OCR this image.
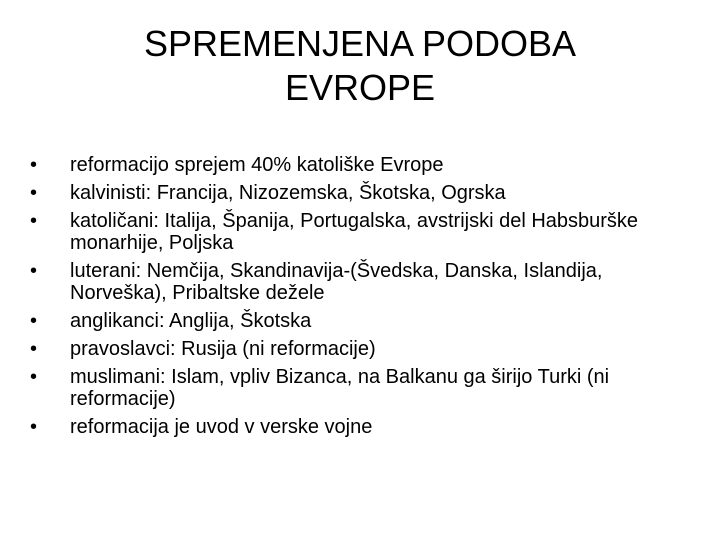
SPREMENJENA PODOBA
EVROPE
•	reformacijo sprejem 40% katoliške Evrope
•	kalvinisti: Francija, Nizozemska, Škotska, Ogrska
•	katoličani: Italija, Španija, Portugalska, avstrijski del Habsburške monarhije, Poljska
•	luterani: Nemčija, Skandinavija-(Švedska, Danska, Islandija, Norveška), Pribaltske dežele
•	anglikanci: Anglija, Škotska
•	pravoslavci: Rusija (ni reformacije)
•	muslimani: Islam, vpliv Bizanca, na Balkanu ga širijo Turki (ni reformacije)
•	reformacija je uvod v verske vojne
